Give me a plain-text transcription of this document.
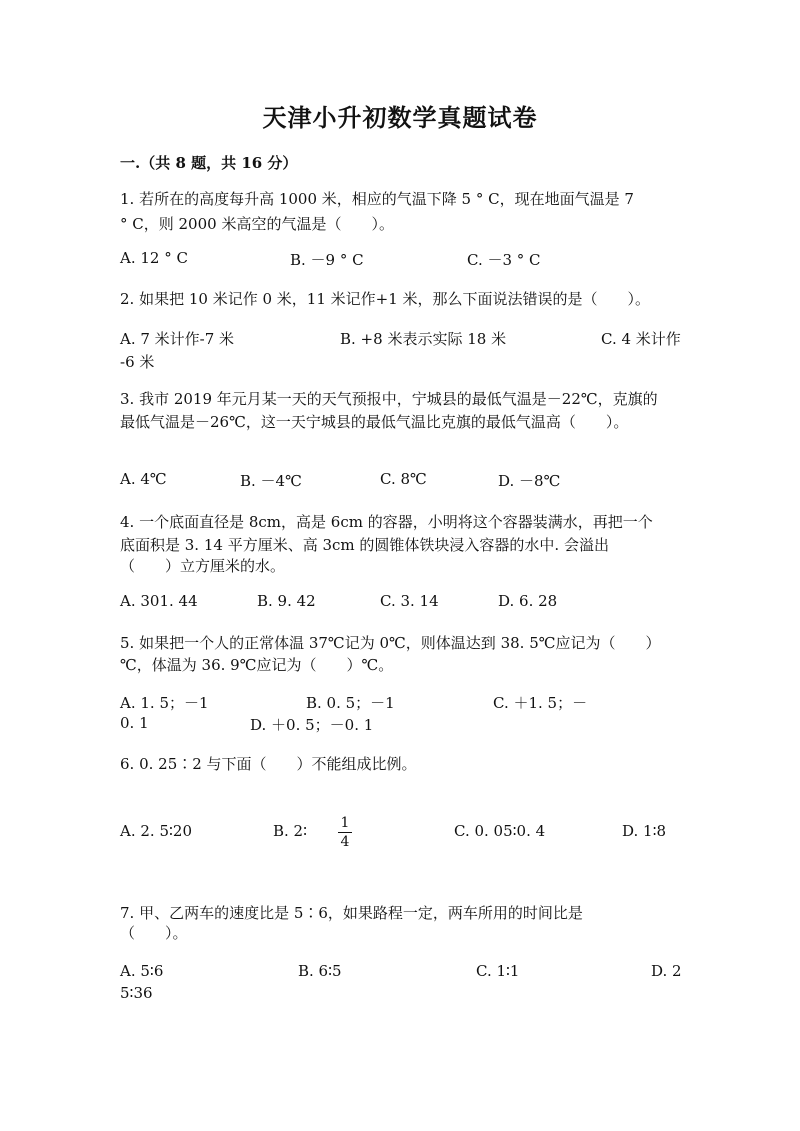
天津小升初数学真题试卷
一.（共 8 题，共 16 分）
1. 若所在的高度每升高 1000 米，相应的气温下降 5 ° C，现在地面气温是 7
° C，则 2000 米高空的气温是（　　）。
A. 12 ° C	B. －9 ° C	C. －3 ° C
2. 如果把 10 米记作 0 米，11 米记作+1 米，那么下面说法错误的是（　　）。
A. 7 米计作-7 米	B. +8 米表示实际 18 米	C. 4 米计作
-6 米
3. 我市 2019 年元月某一天的天气预报中，宁城县的最低气温是－22℃，克旗的
最低气温是－26℃，这一天宁城县的最低气温比克旗的最低气温高（　　）。
A. 4℃	B. －4℃	C. 8℃	D. －8℃
4. 一个底面直径是 8cm，高是 6cm 的容器，小明将这个容器装满水，再把一个
底面积是 3. 14 平方厘米、高 3cm 的圆锥体铁块浸入容器的水中. 会溢出
（　　）立方厘米的水。
A. 301. 44	B. 9. 42	C. 3. 14	D. 6. 28
5. 如果把一个人的正常体温 37℃记为 0℃，则体温达到 38. 5℃应记为（　　）
℃，体温为 36. 9℃应记为（　　）℃。
A. 1. 5；－1	B. 0. 5；－1	C. ＋1. 5；－
0. 1	D. ＋0. 5；－0. 1
6. 0. 25∶2 与下面（　　）不能组成比例。
A. 2. 5∶20	B. 2∶ 1
4
C. 0. 05∶0. 4	D. 1∶8
7. 甲、乙两车的速度比是 5∶6，如果路程一定，两车所用的时间比是
（　　）。
A. 5∶6	B. 6∶5	C. 1∶1	D. 2
5∶36
